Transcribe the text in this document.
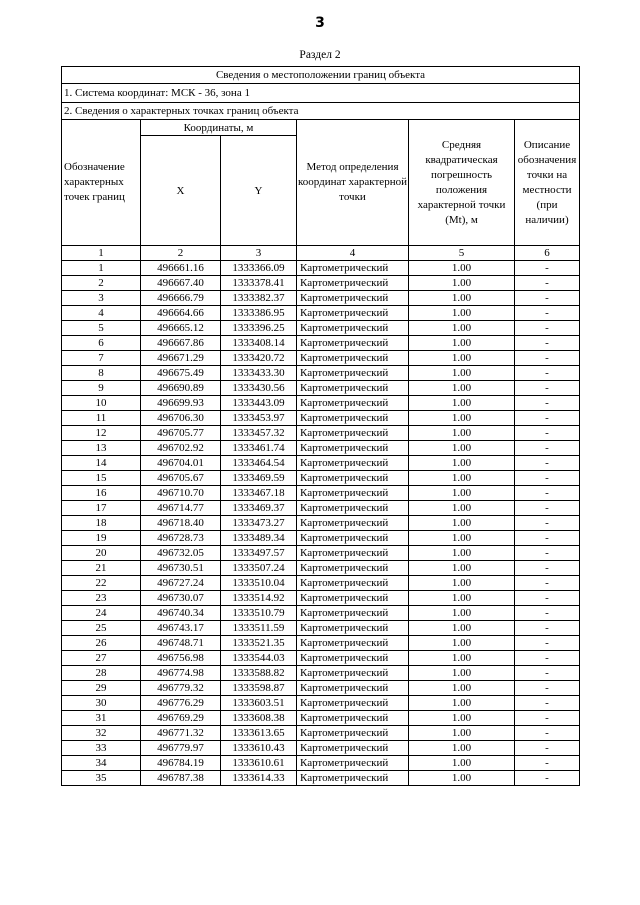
3
Раздел 2
Сведения о местоположении границ объекта					
1. Система координат: МСК - 36, зона 1					
2. Сведения о характерных точках границ объекта					
Обозначение характерных точек границ	Координаты, м		Метод определения координат характерной точки	Средняя квадратическая погрешность положения характерной точки (Mt), м	Описание обозначения точки на местности (при наличии)
	X	Y			
1	2	3	4	5	6
1	496661.16	1333366.09	Картометрический	1.00	-
2	496667.40	1333378.41	Картометрический	1.00	-
3	496666.79	1333382.37	Картометрический	1.00	-
4	496664.66	1333386.95	Картометрический	1.00	-
5	496665.12	1333396.25	Картометрический	1.00	-
6	496667.86	1333408.14	Картометрический	1.00	-
7	496671.29	1333420.72	Картометрический	1.00	-
8	496675.49	1333433.30	Картометрический	1.00	-
9	496690.89	1333430.56	Картометрический	1.00	-
10	496699.93	1333443.09	Картометрический	1.00	-
11	496706.30	1333453.97	Картометрический	1.00	-
12	496705.77	1333457.32	Картометрический	1.00	-
13	496702.92	1333461.74	Картометрический	1.00	-
14	496704.01	1333464.54	Картометрический	1.00	-
15	496705.67	1333469.59	Картометрический	1.00	-
16	496710.70	1333467.18	Картометрический	1.00	-
17	496714.77	1333469.37	Картометрический	1.00	-
18	496718.40	1333473.27	Картометрический	1.00	-
19	496728.73	1333489.34	Картометрический	1.00	-
20	496732.05	1333497.57	Картометрический	1.00	-
21	496730.51	1333507.24	Картометрический	1.00	-
22	496727.24	1333510.04	Картометрический	1.00	-
23	496730.07	1333514.92	Картометрический	1.00	-
24	496740.34	1333510.79	Картометрический	1.00	-
25	496743.17	1333511.59	Картометрический	1.00	-
26	496748.71	1333521.35	Картометрический	1.00	-
27	496756.98	1333544.03	Картометрический	1.00	-
28	496774.98	1333588.82	Картометрический	1.00	-
29	496779.32	1333598.87	Картометрический	1.00	-
30	496776.29	1333603.51	Картометрический	1.00	-
31	496769.29	1333608.38	Картометрический	1.00	-
32	496771.32	1333613.65	Картометрический	1.00	-
33	496779.97	1333610.43	Картометрический	1.00	-
34	496784.19	1333610.61	Картометрический	1.00	-
35	496787.38	1333614.33	Картометрический	1.00	-
